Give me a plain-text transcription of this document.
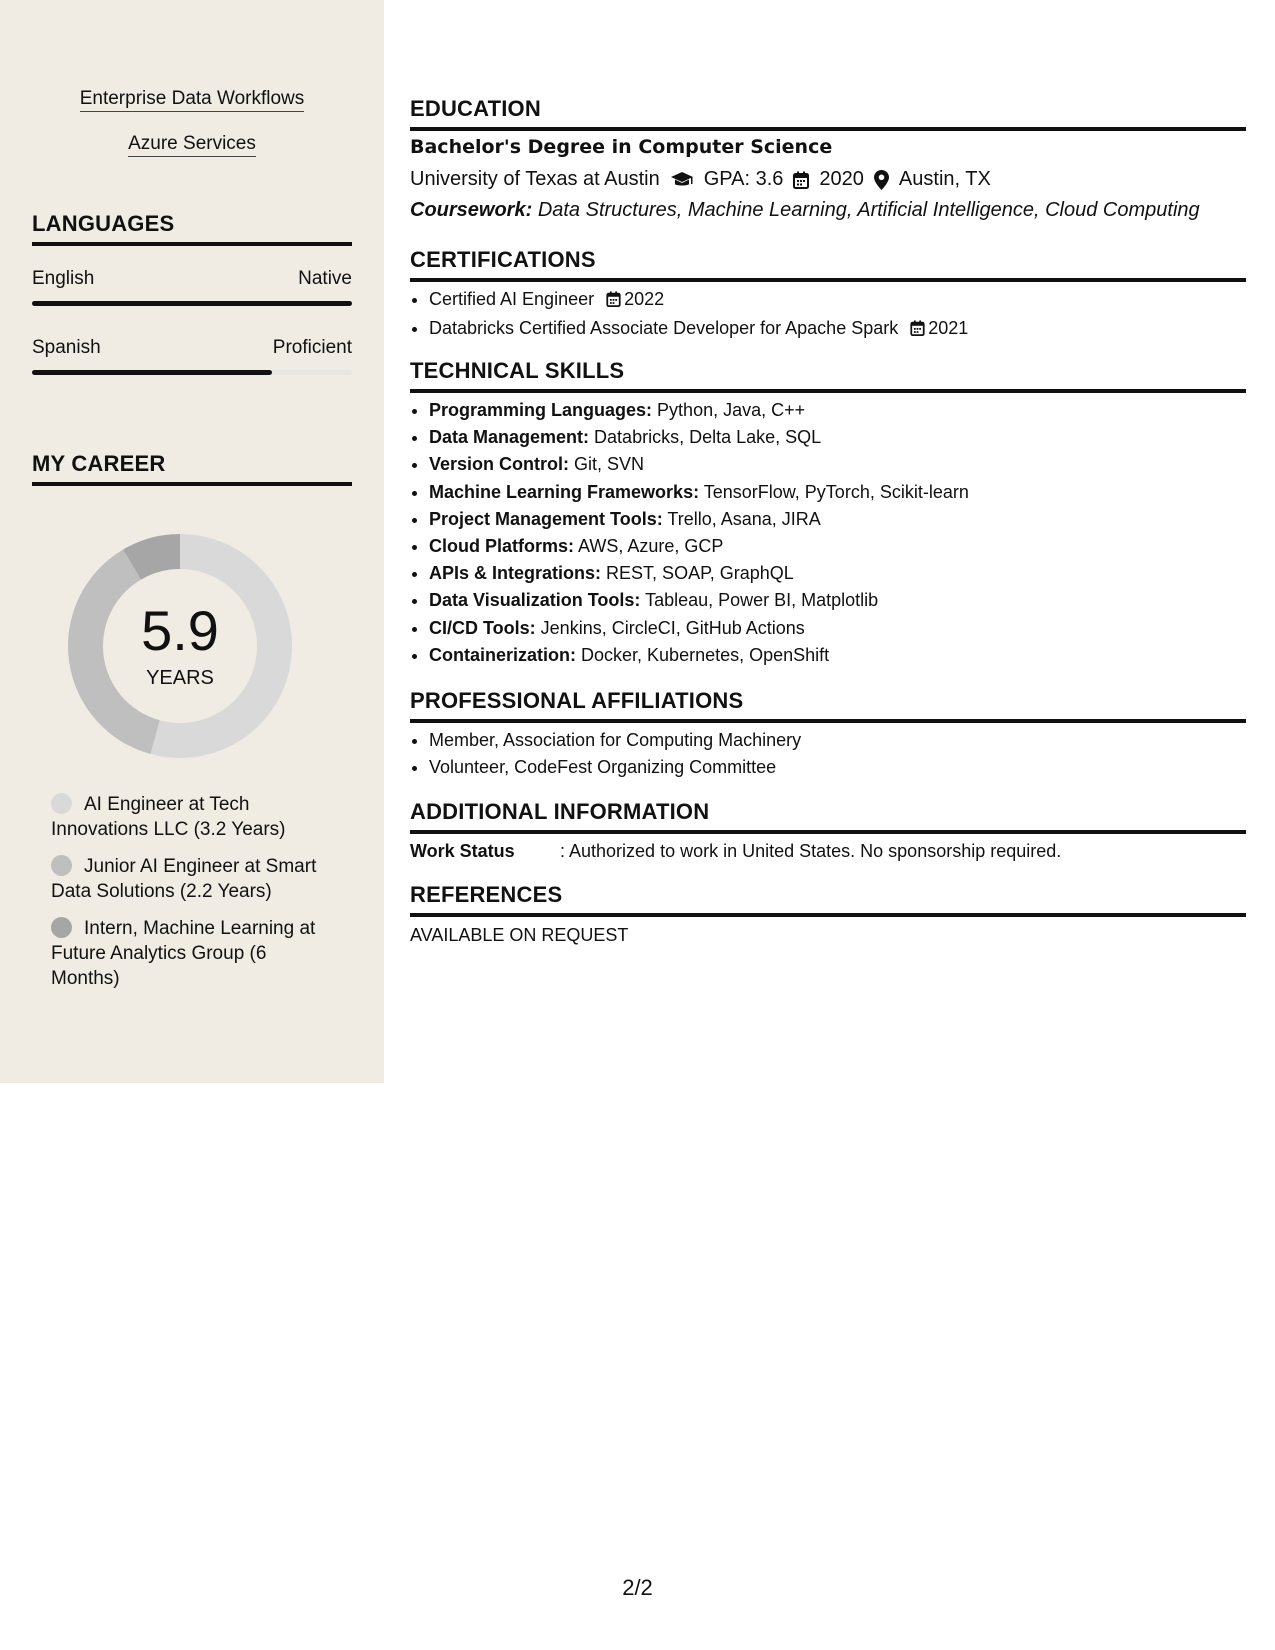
Enterprise Data Workflows
Azure Services
LANGUAGES
English	Native
Spanish	Proficient
MY CAREER
5.9
YEARS
AI Engineer at Tech Innovations LLC (3.2 Years)
Junior AI Engineer at Smart Data Solutions (2.2 Years)
Intern, Machine Learning at Future Analytics Group (6 Months)
EDUCATION
Bachelor's Degree in Computer Science
University of Texas at Austin GPA: 3.6 2020 Austin, TX
Coursework: Data Structures, Machine Learning, Artificial Intelligence, Cloud Computing
CERTIFICATIONS
• Certified AI Engineer 2022
• Databricks Certified Associate Developer for Apache Spark 2021
TECHNICAL SKILLS
• Programming Languages: Python, Java, C++
• Data Management: Databricks, Delta Lake, SQL
• Version Control: Git, SVN
• Machine Learning Frameworks: TensorFlow, PyTorch, Scikit-learn
• Project Management Tools: Trello, Asana, JIRA
• Cloud Platforms: AWS, Azure, GCP
• APIs & Integrations: REST, SOAP, GraphQL
• Data Visualization Tools: Tableau, Power BI, Matplotlib
• CI/CD Tools: Jenkins, CircleCI, GitHub Actions
• Containerization: Docker, Kubernetes, OpenShift
PROFESSIONAL AFFILIATIONS
• Member, Association for Computing Machinery
• Volunteer, CodeFest Organizing Committee
ADDITIONAL INFORMATION
Work Status	: Authorized to work in United States. No sponsorship required.
REFERENCES
AVAILABLE ON REQUEST
2/2
